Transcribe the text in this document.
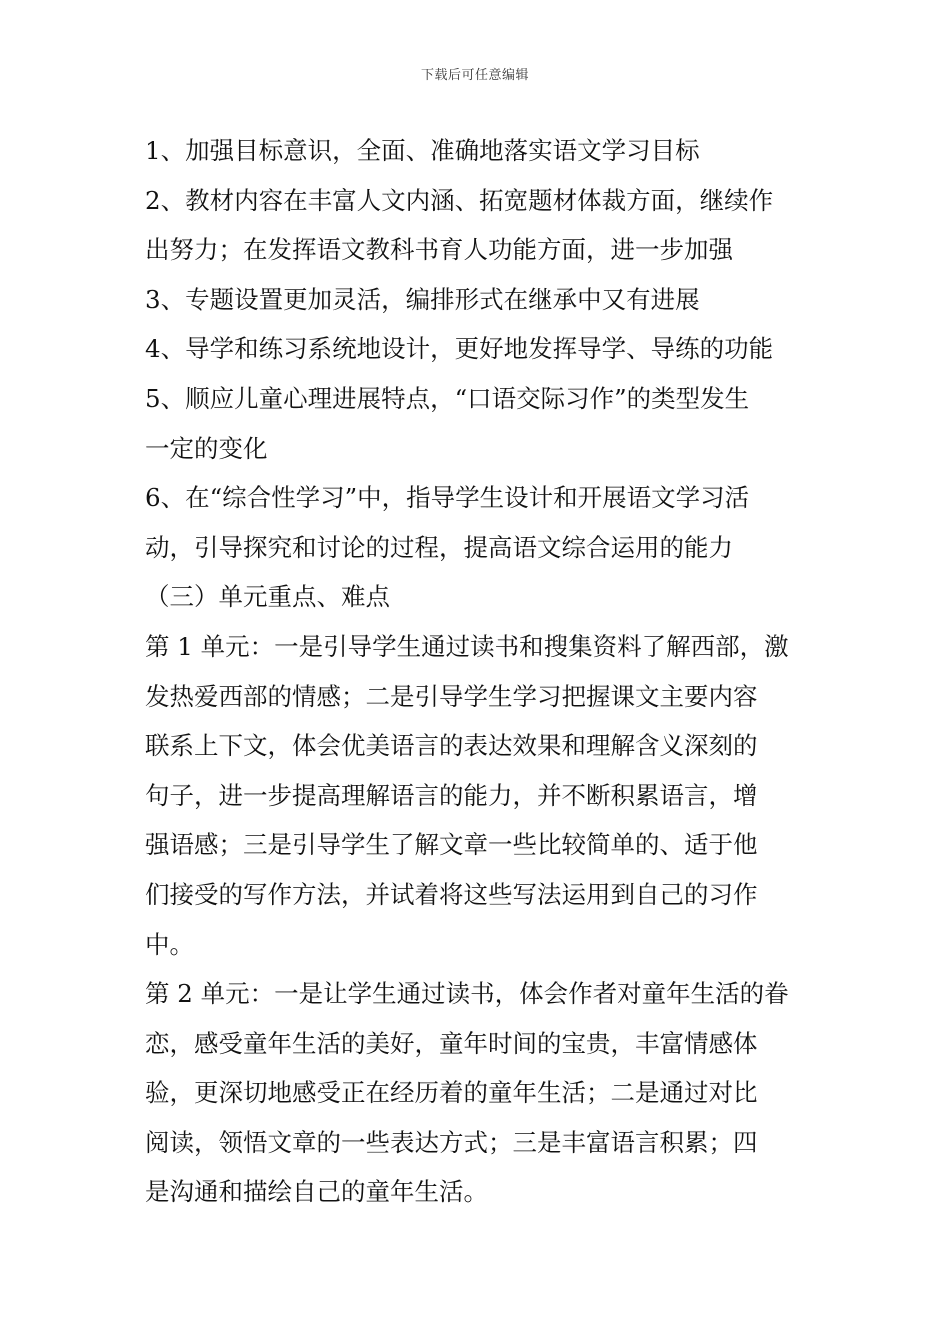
下载后可任意编辑

1、加强目标意识，全面、准确地落实语文学习目标

2、教材内容在丰富人文内涵、拓宽题材体裁方面，继续作
出努力；在发挥语文教科书育人功能方面，进一步加强

3、专题设置更加灵活，编排形式在继承中又有进展

4、导学和练习系统地设计，更好地发挥导学、导练的功能

5、顺应儿童心理进展特点，“口语交际习作”的类型发生
一定的变化

6、在“综合性学习”中，指导学生设计和开展语文学习活
动，引导探究和讨论的过程，提高语文综合运用的能力

（三）单元重点、难点

第 1 单元：一是引导学生通过读书和搜集资料了解西部，激
发热爱西部的情感；二是引导学生学习把握课文主要内容
联系上下文，体会优美语言的表达效果和理解含义深刻的
句子，进一步提高理解语言的能力，并不断积累语言，增
强语感；三是引导学生了解文章一些比较简单的、适于他
们接受的写作方法，并试着将这些写法运用到自己的习作
中。

第 2 单元：一是让学生通过读书，体会作者对童年生活的眷
恋，感受童年生活的美好，童年时间的宝贵，丰富情感体
验，更深切地感受正在经历着的童年生活；二是通过对比
阅读，领悟文章的一些表达方式；三是丰富语言积累；四
是沟通和描绘自己的童年生活。
